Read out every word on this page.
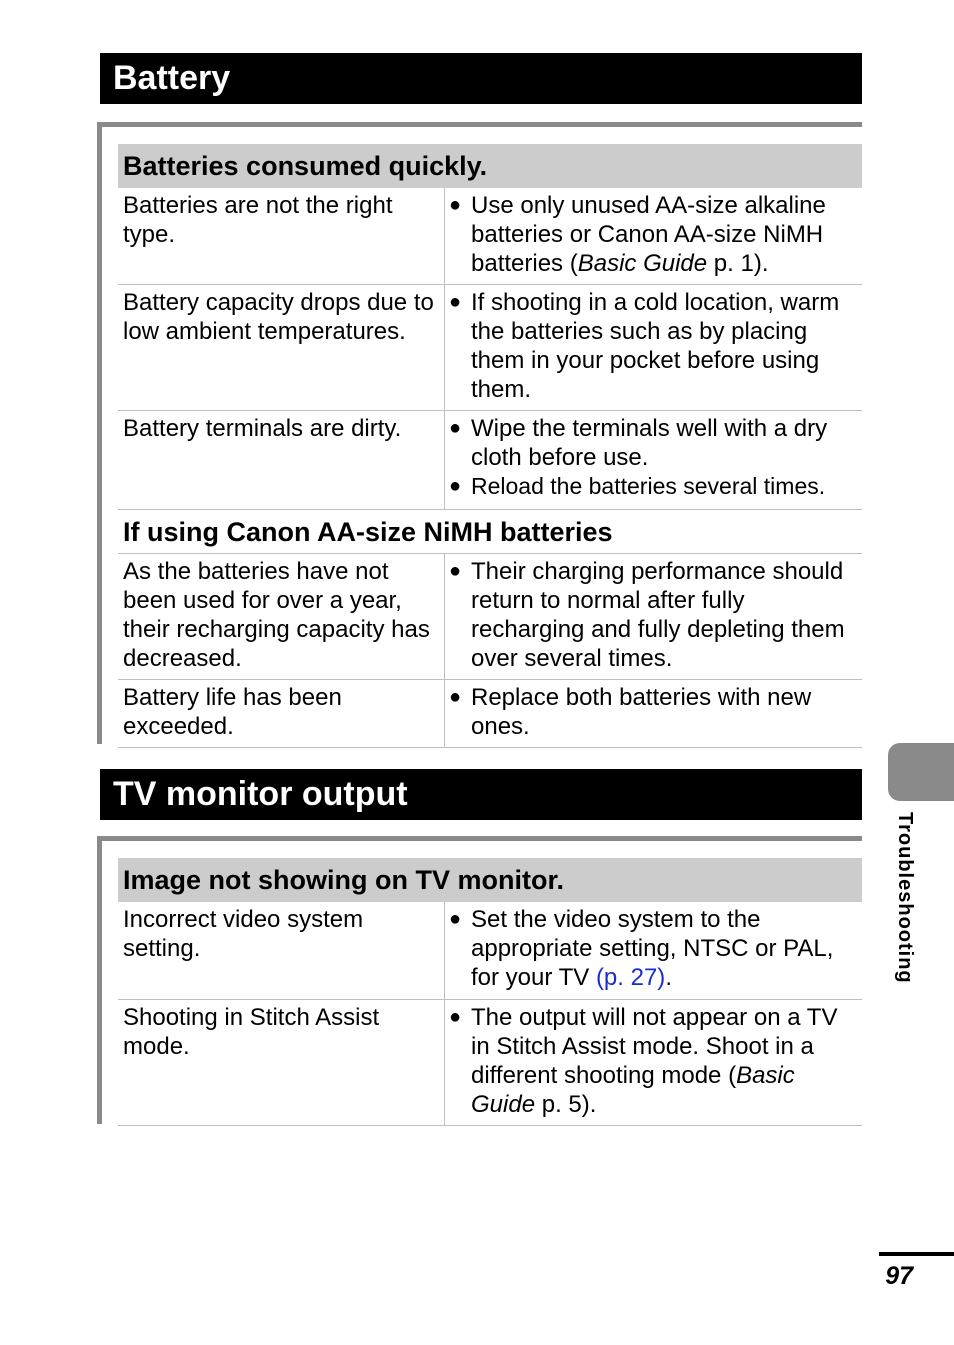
Battery
Batteries consumed quickly.
Batteries are not the right type.
● Use only unused AA-size alkaline batteries or Canon AA-size NiMH batteries (Basic Guide p. 1).
Battery capacity drops due to low ambient temperatures.
● If shooting in a cold location, warm the batteries such as by placing them in your pocket before using them.
Battery terminals are dirty.	● Wipe the terminals well with a dry cloth before use.
● Reload the batteries several times.
If using Canon AA-size NiMH batteries
As the batteries have not been used for over a year, their recharging capacity has decreased.
● Their charging performance should return to normal after fully recharging and fully depleting them over several times.
Battery life has been exceeded.
● Replace both batteries with new ones.
TV monitor output
Image not showing on TV monitor.
Incorrect video system setting.
● Set the video system to the appropriate setting, NTSC or PAL, for your TV (p. 27).
Shooting in Stitch Assist mode.
● The output will not appear on a TV in Stitch Assist mode. Shoot in a different shooting mode (Basic Guide p. 5).
Troubleshooting
97
